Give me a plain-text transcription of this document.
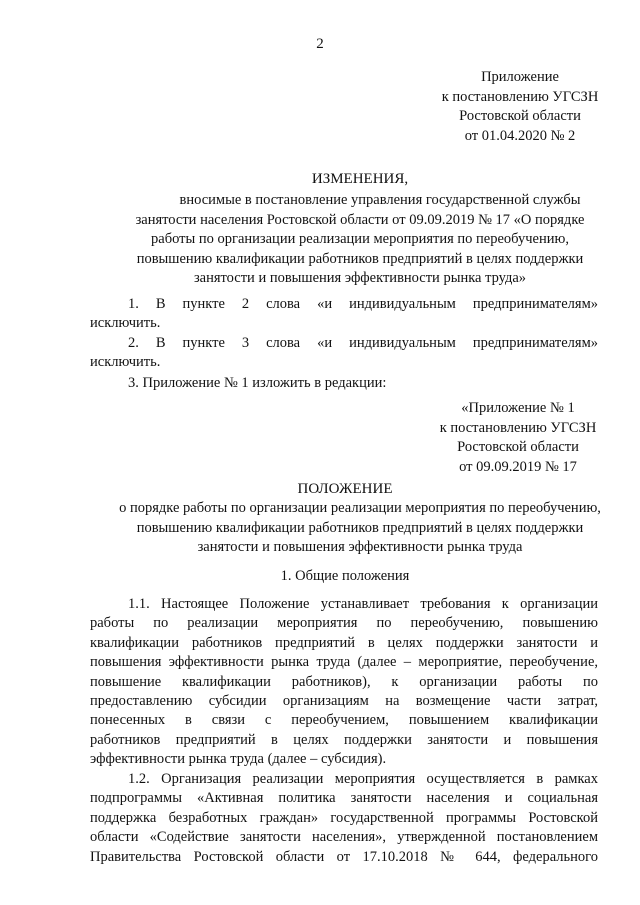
2
Приложение
к постановлению УГСЗН
Ростовской области
от 01.04.2020 № 2
ИЗМЕНЕНИЯ,
вносимые в постановление управления государственной службы
занятости населения Ростовской области от 09.09.2019 № 17 «О порядке
работы по организации реализации мероприятия по переобучению,
повышению квалификации работников предприятий в целях поддержки
занятости и повышения эффективности рынка труда»
1. В пункте 2 слова «и индивидуальным предпринимателям»
исключить.
2. В пункте 3 слова «и индивидуальным предпринимателям»
исключить.
3. Приложение № 1 изложить в редакции:
«Приложение № 1
к постановлению УГСЗН
Ростовской области
от 09.09.2019 № 17
ПОЛОЖЕНИЕ
о порядке работы по организации реализации мероприятия по переобучению,
повышению квалификации работников предприятий в целях поддержки
занятости и повышения эффективности рынка труда
1. Общие положения
1.1. Настоящее Положение устанавливает требования к организации
работы по реализации мероприятия по переобучению, повышению
квалификации работников предприятий в целях поддержки занятости и
повышения эффективности рынка труда (далее – мероприятие, переобучение,
повышение квалификации работников), к организации работы по
предоставлению субсидии организациям на возмещение части затрат,
понесенных в связи с переобучением, повышением квалификации
работников предприятий в целях поддержки занятости и повышения
эффективности рынка труда (далее – субсидия).
1.2. Организация реализации мероприятия осуществляется в рамках
подпрограммы «Активная политика занятости населения и социальная
поддержка безработных граждан» государственной программы Ростовской
области «Содействие занятости населения», утвержденной постановлением
Правительства Ростовской области от 17.10.2018 № 644, федерального
